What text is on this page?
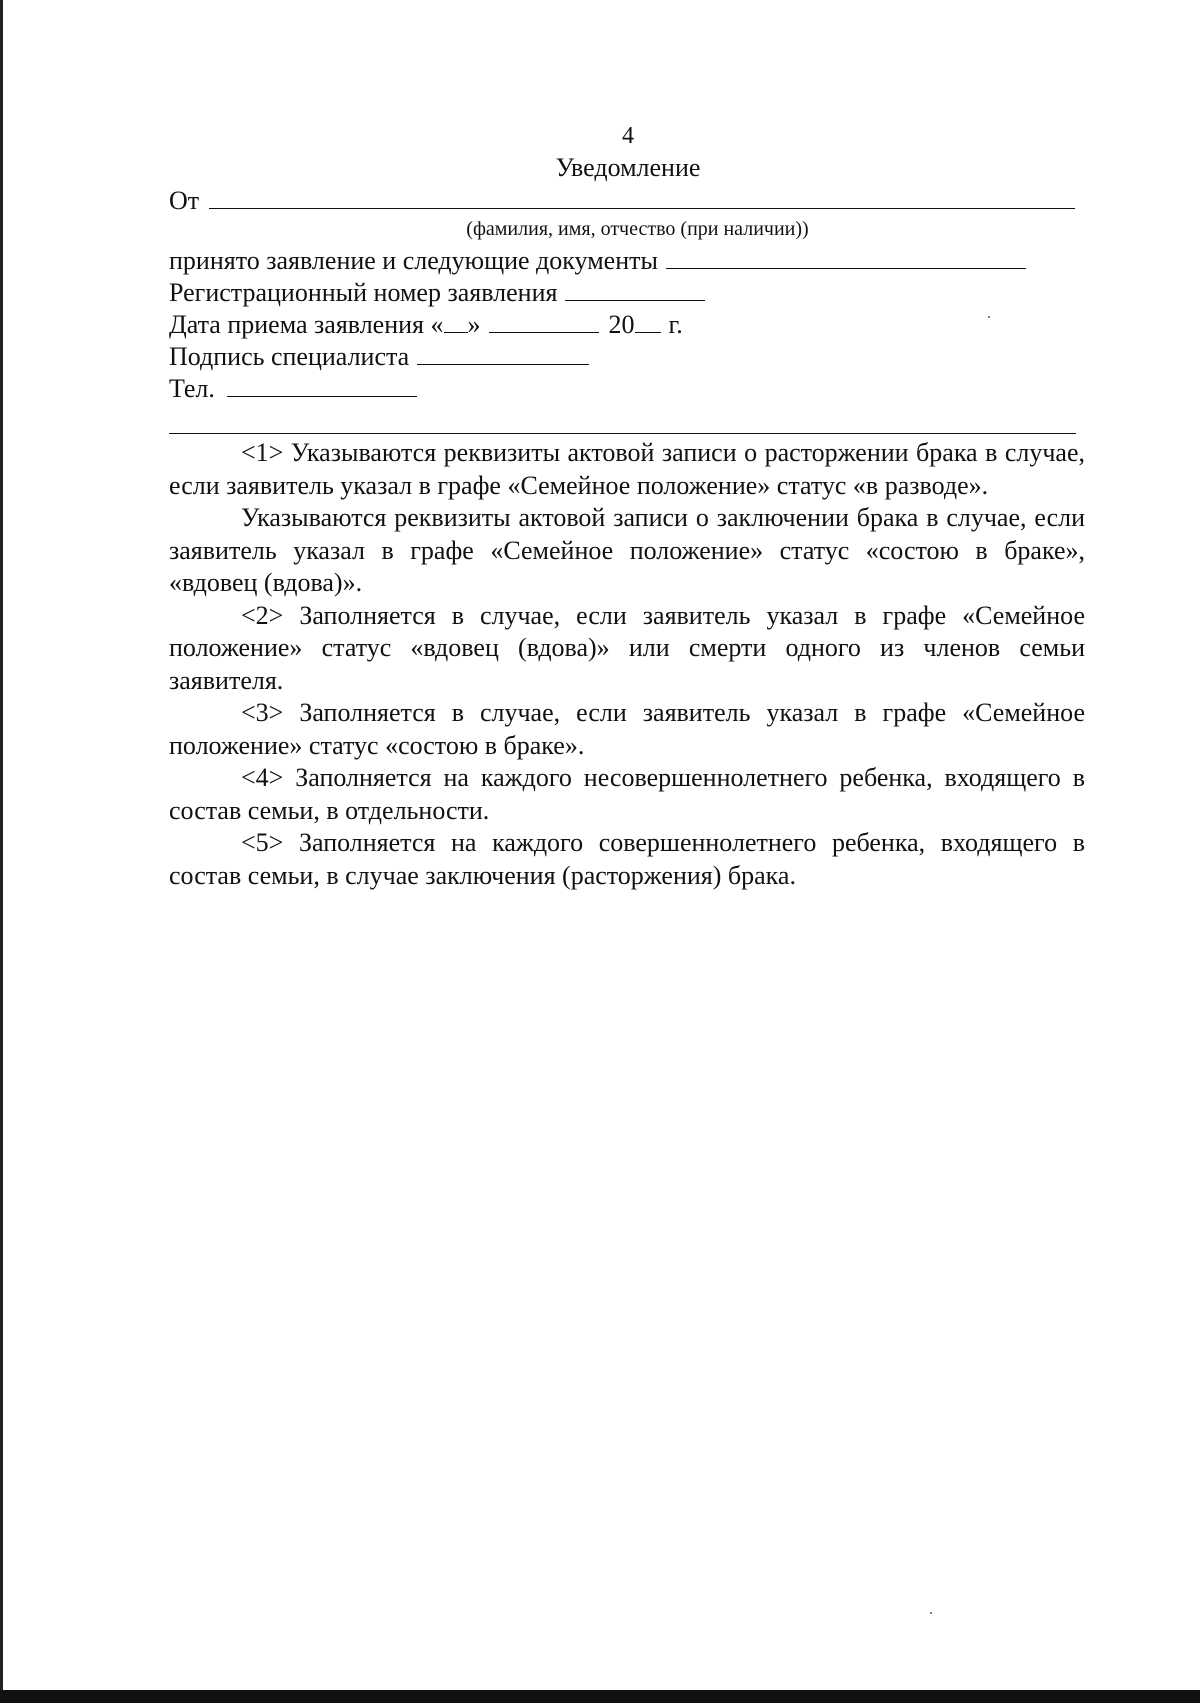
4
Уведомление
От
(фамилия, имя, отчество (при наличии))
принято заявление и следующие документы
Регистрационный номер заявления
Дата приема заявления « »	20 г.
Подпись специалиста
Тел.

<1> Указываются реквизиты актовой записи о расторжении брака в случае, если заявитель указал в графе «Семейное положение» статус «в разводе».

Указываются реквизиты актовой записи о заключении брака в случае, если заявитель указал в графе «Семейное положение» статус «состою в браке», «вдовец (вдова)».

<2> Заполняется в случае, если заявитель указал в графе «Семейное положение» статус «вдовец (вдова)» или смерти одного из членов семьи заявителя.

<3> Заполняется в случае, если заявитель указал в графе «Семейное положение» статус «состою в браке».

<4> Заполняется на каждого несовершеннолетнего ребенка, входящего в состав семьи, в отдельности.

<5> Заполняется на каждого совершеннолетнего ребенка, входящего в состав семьи, в случае заключения (расторжения) брака.
